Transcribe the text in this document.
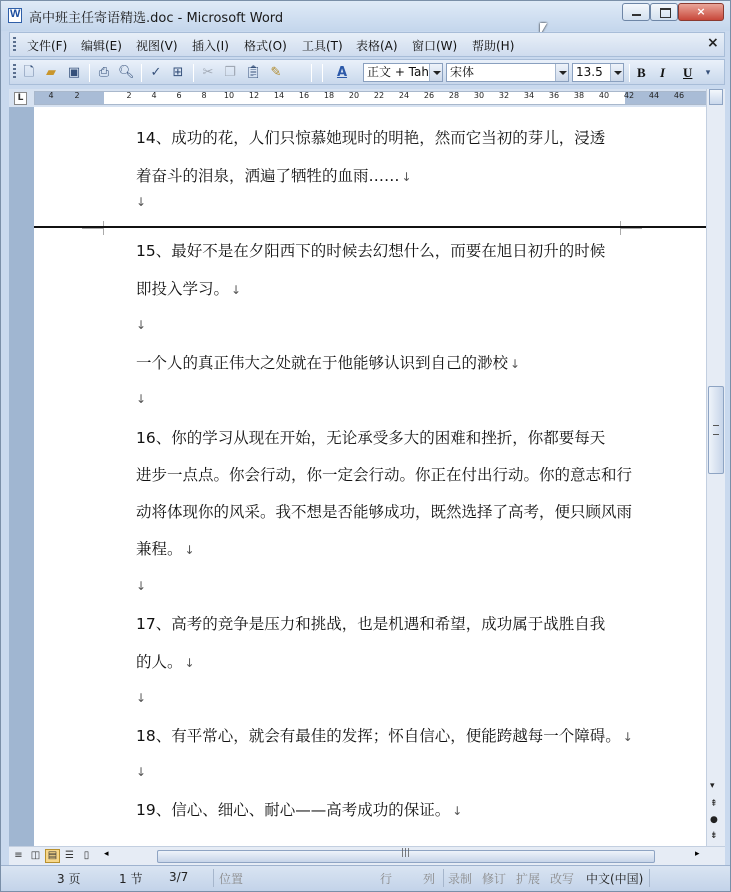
W
高中班主任寄语精选.doc - Microsoft Word	×
文件(F) 编辑(E) 视图(V) 插入(I) 格式(O) 工具(T) 表格(A) 窗口(W) 帮助(H)	×
🗋 ▰ ▣ ⎙ 🔍︎ ✓ ⊞ ✂ ❐ 📋︎ ✎	A	正文 + Tah	宋体	13.5	B I U	▾
L	4	2	2 4 6 8 10 12 14 16 18 20 22 24 26 28 30 32 34 36 38 40 42 44 46
14、成功的花，人们只惊慕她现时的明艳，然而它当初的芽儿，浸透
着奋斗的泪泉，洒遍了牺牲的血雨…… ↓
↓
15、最好不是在夕阳西下的时候去幻想什么，而要在旭日初升的时候
即投入学习。 ↓
↓
一个人的真正伟大之处就在于他能够认识到自己的渺校 ↓
↓
16、你的学习从现在开始，无论承受多大的困难和挫折，你都要每天
进步一点点。你会行动，你一定会行动。你正在付出行动。你的意志和行
动将体现你的风采。我不想是否能够成功，既然选择了高考，便只顾风雨
兼程。 ↓
↓
17、高考的竞争是压力和挑战，也是机遇和希望，成功属于战胜自我
的人。 ↓
↓
18、有平常心，就会有最佳的发挥；怀自信心，便能跨越每一个障碍。 ↓
↓
19、信心、细心、耐心——高考成功的保证。 ↓
▾
⇞
●
⇟
≡ ◫ ▤ ☰ ▯	◂
|||	▸
3 页	1 节 3/7	位置	行	列 录制 修订 扩展 改写 中文(中国)
